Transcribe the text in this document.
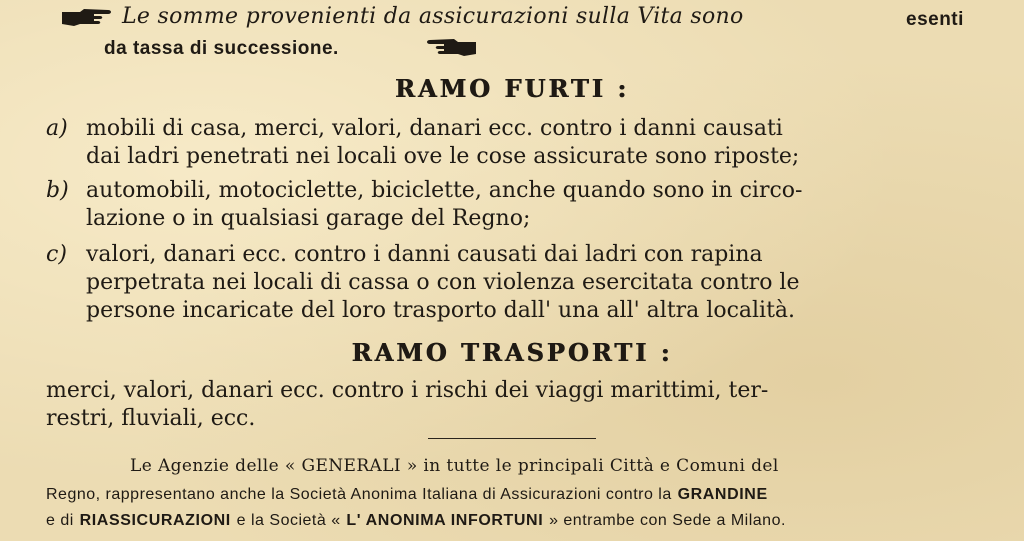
Le somme provenienti da assicurazioni sulla Vita sono	esenti
da tassa di successione.
RAMO FURTI :
a) mobili di casa, merci, valori, danari ecc. contro i danni causati
dai ladri penetrati nei locali ove le cose assicurate sono riposte;
b) automobili, motociclette, biciclette, anche quando sono in circo-
lazione o in qualsiasi garage del Regno;
c) valori, danari ecc. contro i danni causati dai ladri con rapina
perpetrata nei locali di cassa o con violenza esercitata contro le
persone incaricate del loro trasporto dall' una all' altra località.
RAMO TRASPORTI :
merci, valori, danari ecc. contro i rischi dei viaggi marittimi, ter-
restri, fluviali, ecc.
Le Agenzie delle « GENERALI » in tutte le principali Città e Comuni del
Regno, rappresentano anche la Società Anonima Italiana di Assicurazioni contro la GRANDINE
e di RIASSICURAZIONI e la Società « L' ANONIMA INFORTUNI » entrambe con Sede a Milano.
